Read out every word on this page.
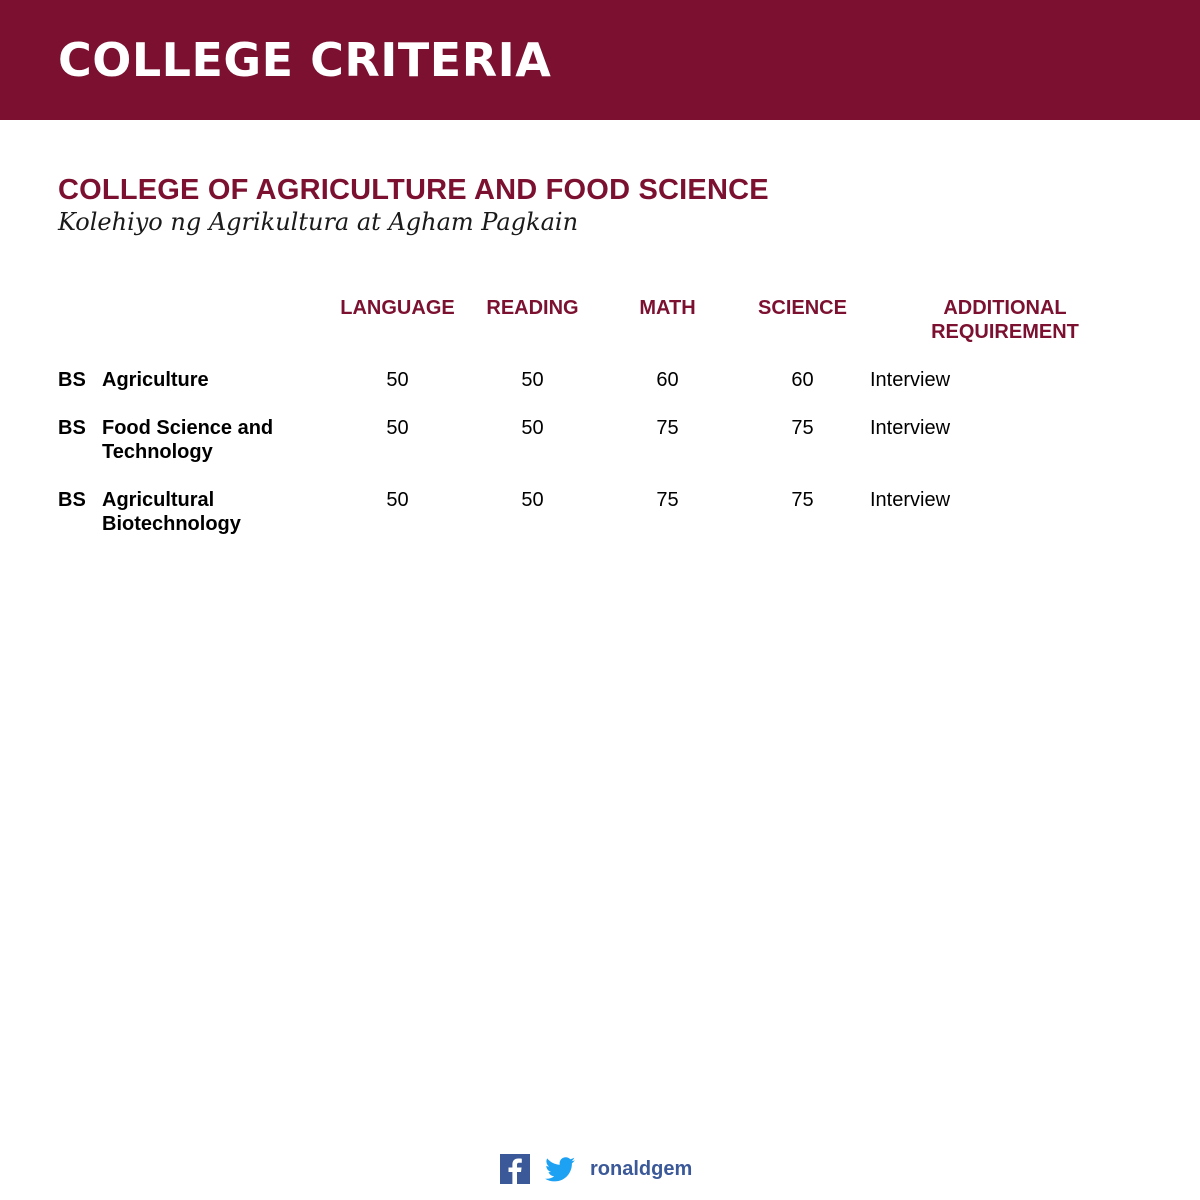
COLLEGE CRITERIA
COLLEGE OF AGRICULTURE AND FOOD SCIENCE

Kolehiyo ng Agrikultura at Agham Pagkain

LANGUAGE	READING	MATH	SCIENCE	ADDITIONAL
REQUIREMENT
BS Agriculture	50	50	60	60	Interview
BS Food Science and
Technology
50	50	75	75	Interview
BS Agricultural
Biotechnology
50	50	75	75	Interview
ronaldgem
